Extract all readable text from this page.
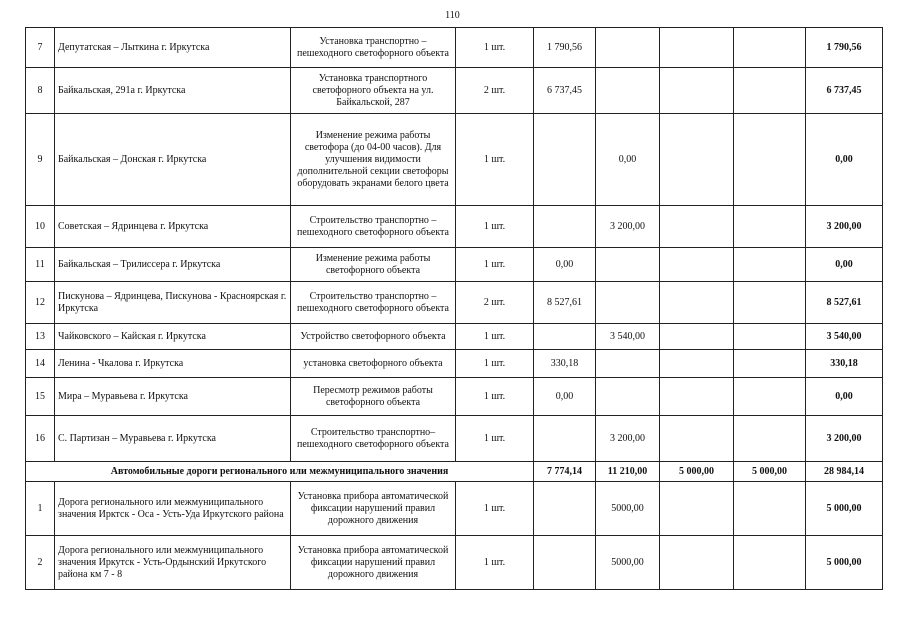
110
7	Депутатская – Лыткина г. Иркутска	Установка транспортно – пешеходного светофорного объекта	1 шт.	1 790,56				1 790,56
8	Байкальская, 291а г. Иркутска	Установка транспортного светофорного объекта на ул. Байкальской, 287	2 шт.	6 737,45				6 737,45
9	Байкальская – Донская г. Иркутска	Изменение режима работы светофора (до 04-00 часов). Для улучшения видимости дополнительной секции светофоры оборудовать экранами белого цвета	1 шт.		0,00			0,00
10	Советская – Ядринцева г. Иркутска	Строительство транспортно – пешеходного светофорного объекта	1 шт.		3 200,00			3 200,00
11	Байкальская – Трилиссера г. Иркутска	Изменение режима работы светофорного объекта	1 шт.	0,00				0,00
12	Пискунова – Ядринцева, Пискунова - Красноярская г. Иркутска	Строительство транспортно – пешеходного светофорного объекта	2 шт.	8 527,61				8 527,61
13	Чайковского – Кайская г. Иркутска	Устройство светофорного объекта	1 шт.		3 540,00			3 540,00
14	Ленина - Чкалова г. Иркутска	установка светофорного объекта	1 шт.	330,18				330,18
15	Мира – Муравьева г. Иркутска	Пересмотр режимов работы светофорного объекта	1 шт.	0,00				0,00
16	С. Партизан – Муравьева г. Иркутска	Строительство транспортно–пешеходного светофорного объекта	1 шт.		3 200,00			3 200,00
Автомобильные дороги регионального или межмуниципального значения				7 774,14	11 210,00	5 000,00	5 000,00	28 984,14
1	Дорога регионального или межмуниципального значения Ирктск - Оса - Усть-Уда Иркутского района	Установка прибора автоматической фиксации нарушений правил дорожного движения	1 шт.		5000,00			5 000,00
2	Дорога регионального или межмуниципального значения Иркутск - Усть-Ордынский Иркутского района км 7 - 8	Установка прибора автоматической фиксации нарушений правил дорожного движения	1 шт.		5000,00			5 000,00
